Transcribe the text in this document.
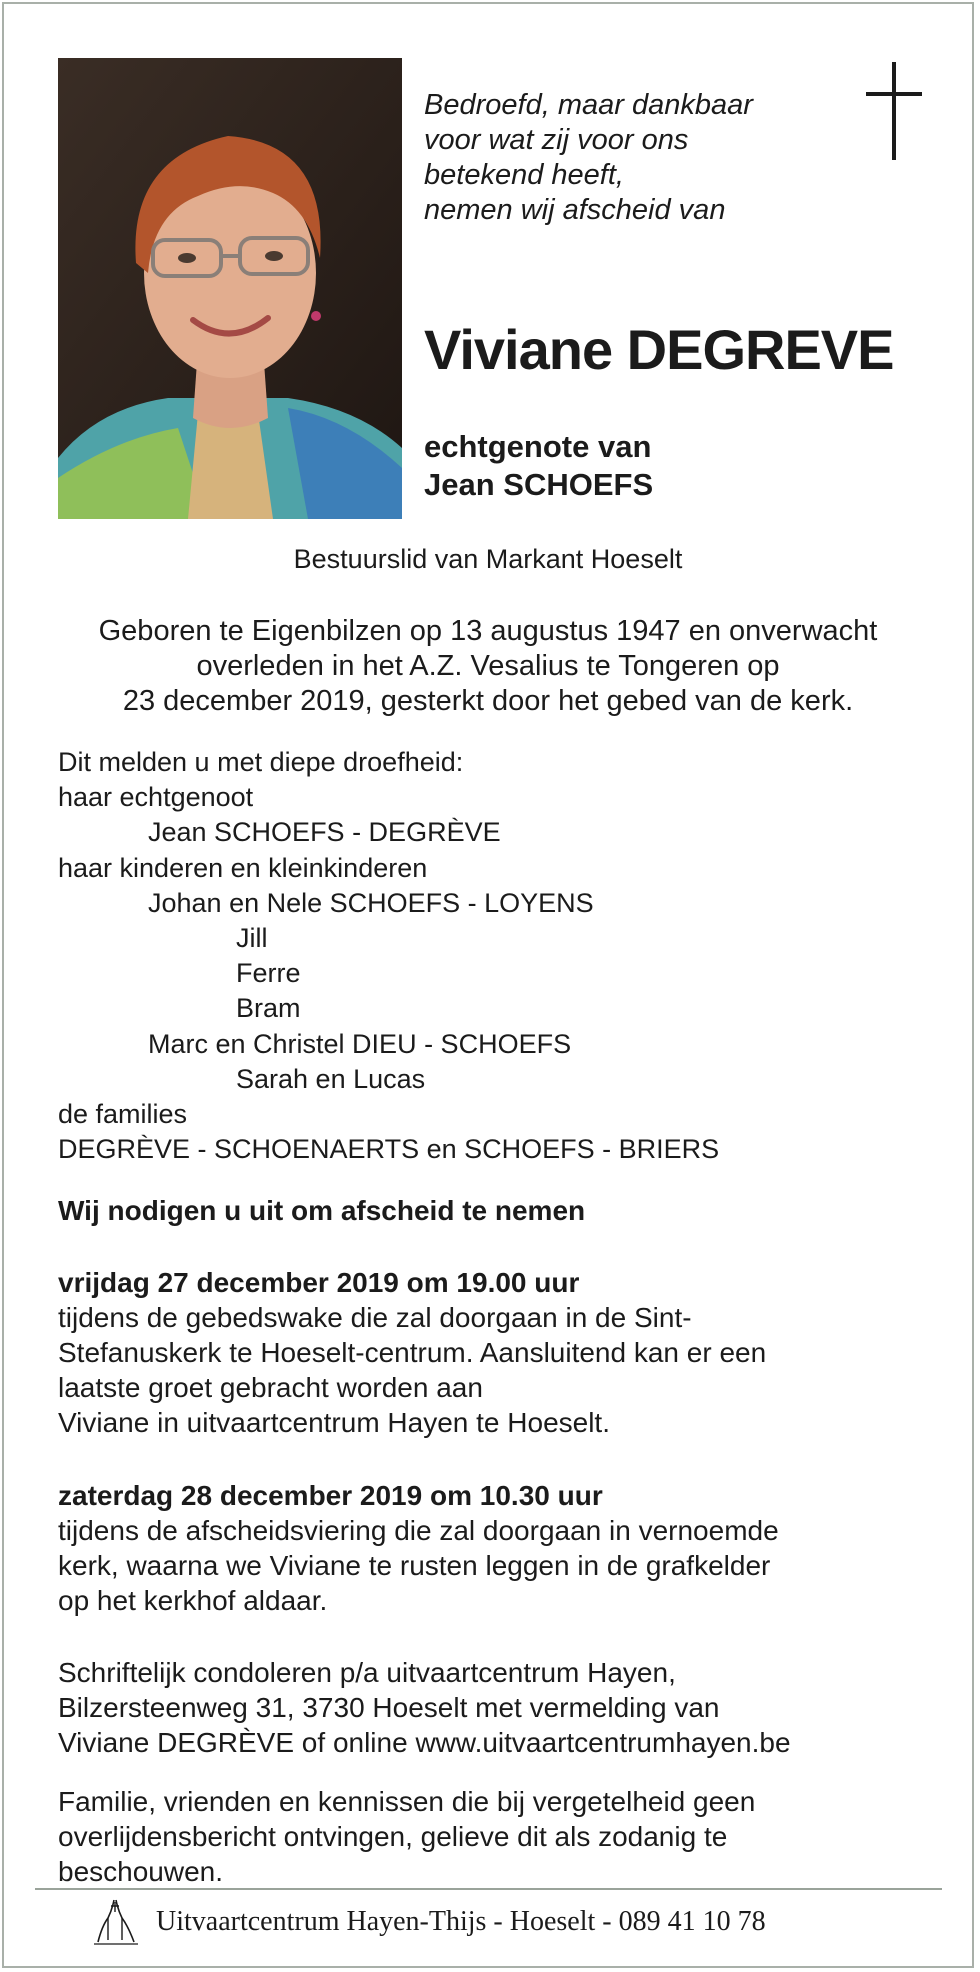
Bedroefd, maar dankbaar
voor wat zij voor ons
betekend heeft,
nemen wij afscheid van
Viviane DEGREVE
echtgenote van
Jean SCHOEFS
Bestuurslid van Markant Hoeselt
Geboren te Eigenbilzen op 13 augustus 1947 en onverwacht
overleden in het A.Z. Vesalius te Tongeren op
23 december 2019, gesterkt door het gebed van de kerk.
Dit melden u met diepe droefheid:
haar echtgenoot
Jean SCHOEFS - DEGRÈVE
haar kinderen en kleinkinderen
Johan en Nele SCHOEFS - LOYENS
Jill
Ferre
Bram
Marc en Christel DIEU - SCHOEFS
Sarah en Lucas
de families
DEGRÈVE - SCHOENAERTS en SCHOEFS - BRIERS
Wij nodigen u uit om afscheid te nemen
vrijdag 27 december 2019 om 19.00 uur
tijdens de gebedswake die zal doorgaan in de Sint-
Stefanuskerk te Hoeselt-centrum. Aansluitend kan er een
laatste groet gebracht worden aan
Viviane in uitvaartcentrum Hayen te Hoeselt.
zaterdag 28 december 2019 om 10.30 uur
tijdens de afscheidsviering die zal doorgaan in vernoemde
kerk, waarna we Viviane te rusten leggen in de grafkelder
op het kerkhof aldaar.
Schriftelijk condoleren p/a uitvaartcentrum Hayen,
Bilzersteenweg 31, 3730 Hoeselt met vermelding van
Viviane DEGRÈVE of online www.uitvaartcentrumhayen.be
Familie, vrienden en kennissen die bij vergetelheid geen
overlijdensbericht ontvingen, gelieve dit als zodanig te
beschouwen.
Uitvaartcentrum Hayen-Thijs - Hoeselt - 089 41 10 78
